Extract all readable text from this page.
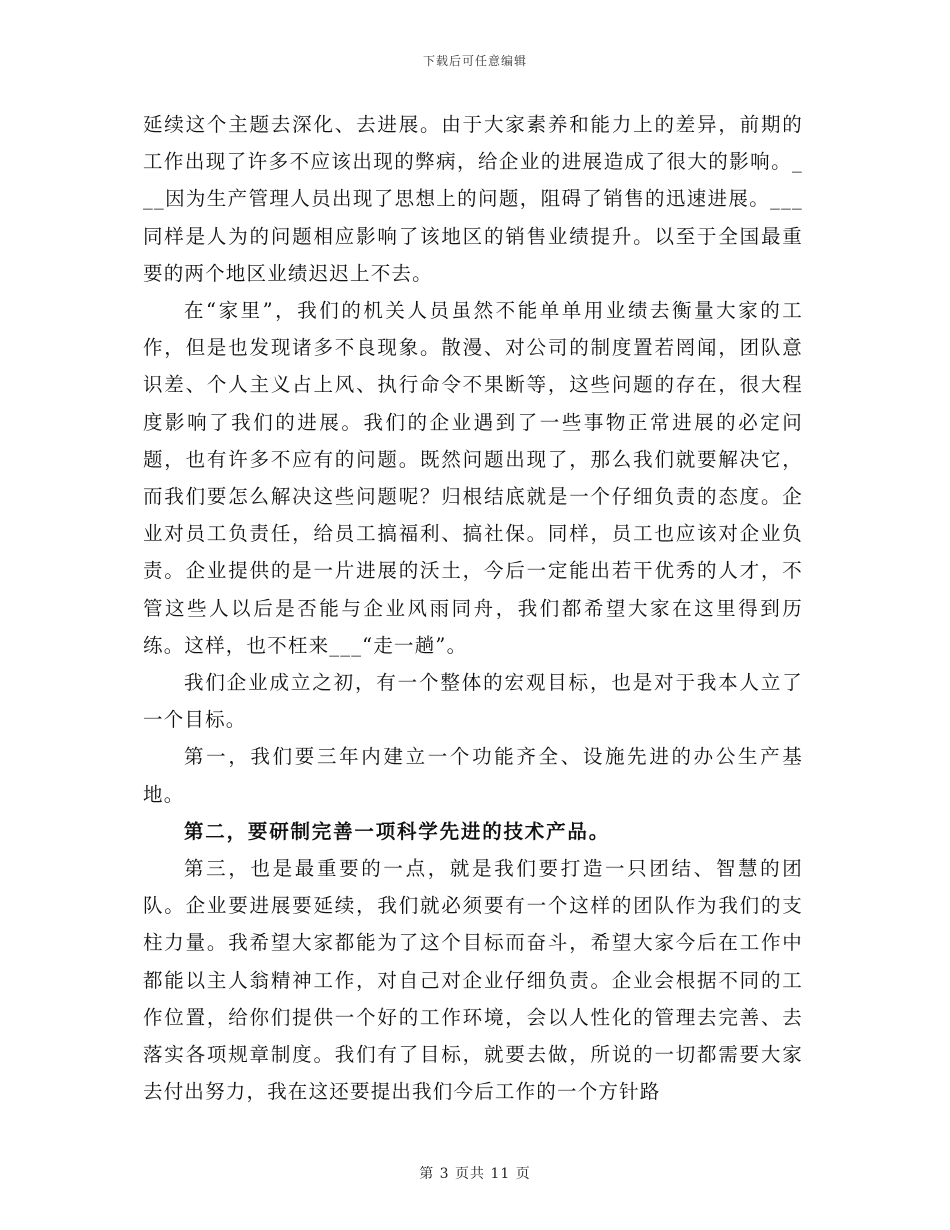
下载后可任意编辑

延续这个主题去深化、去进展。由于大家素养和能力上的差异，前期的工作出现了许多不应该出现的弊病，给企业的进展造成了很大的影响。___因为生产管理人员出现了思想上的问题，阻碍了销售的迅速进展。___同样是人为的问题相应影响了该地区的销售业绩提升。以至于全国最重要的两个地区业绩迟迟上不去。

在“家里”，我们的机关人员虽然不能单单用业绩去衡量大家的工作，但是也发现诸多不良现象。散漫、对公司的制度置若罔闻，团队意识差、个人主义占上风、执行命令不果断等，这些问题的存在，很大程度影响了我们的进展。我们的企业遇到了一些事物正常进展的必定问题，也有许多不应有的问题。既然问题出现了，那么我们就要解决它，而我们要怎么解决这些问题呢？归根结底就是一个仔细负责的态度。企业对员工负责任，给员工搞福利、搞社保。同样，员工也应该对企业负责。企业提供的是一片进展的沃土，今后一定能出若干优秀的人才，不管这些人以后是否能与企业风雨同舟，我们都希望大家在这里得到历练。这样，也不枉来___“走一趟”。

我们企业成立之初，有一个整体的宏观目标，也是对于我本人立了一个目标。

第一，我们要三年内建立一个功能齐全、设施先进的办公生产基地。

第二，要研制完善一项科学先进的技术产品。

第三，也是最重要的一点，就是我们要打造一只团结、智慧的团队。企业要进展要延续，我们就必须要有一个这样的团队作为我们的支柱力量。我希望大家都能为了这个目标而奋斗，希望大家今后在工作中都能以主人翁精神工作，对自己对企业仔细负责。企业会根据不同的工作位置，给你们提供一个好的工作环境，会以人性化的管理去完善、去落实各项规章制度。我们有了目标，就要去做，所说的一切都需要大家去付出努力，我在这还要提出我们今后工作的一个方针路

第 3 页共 11 页
